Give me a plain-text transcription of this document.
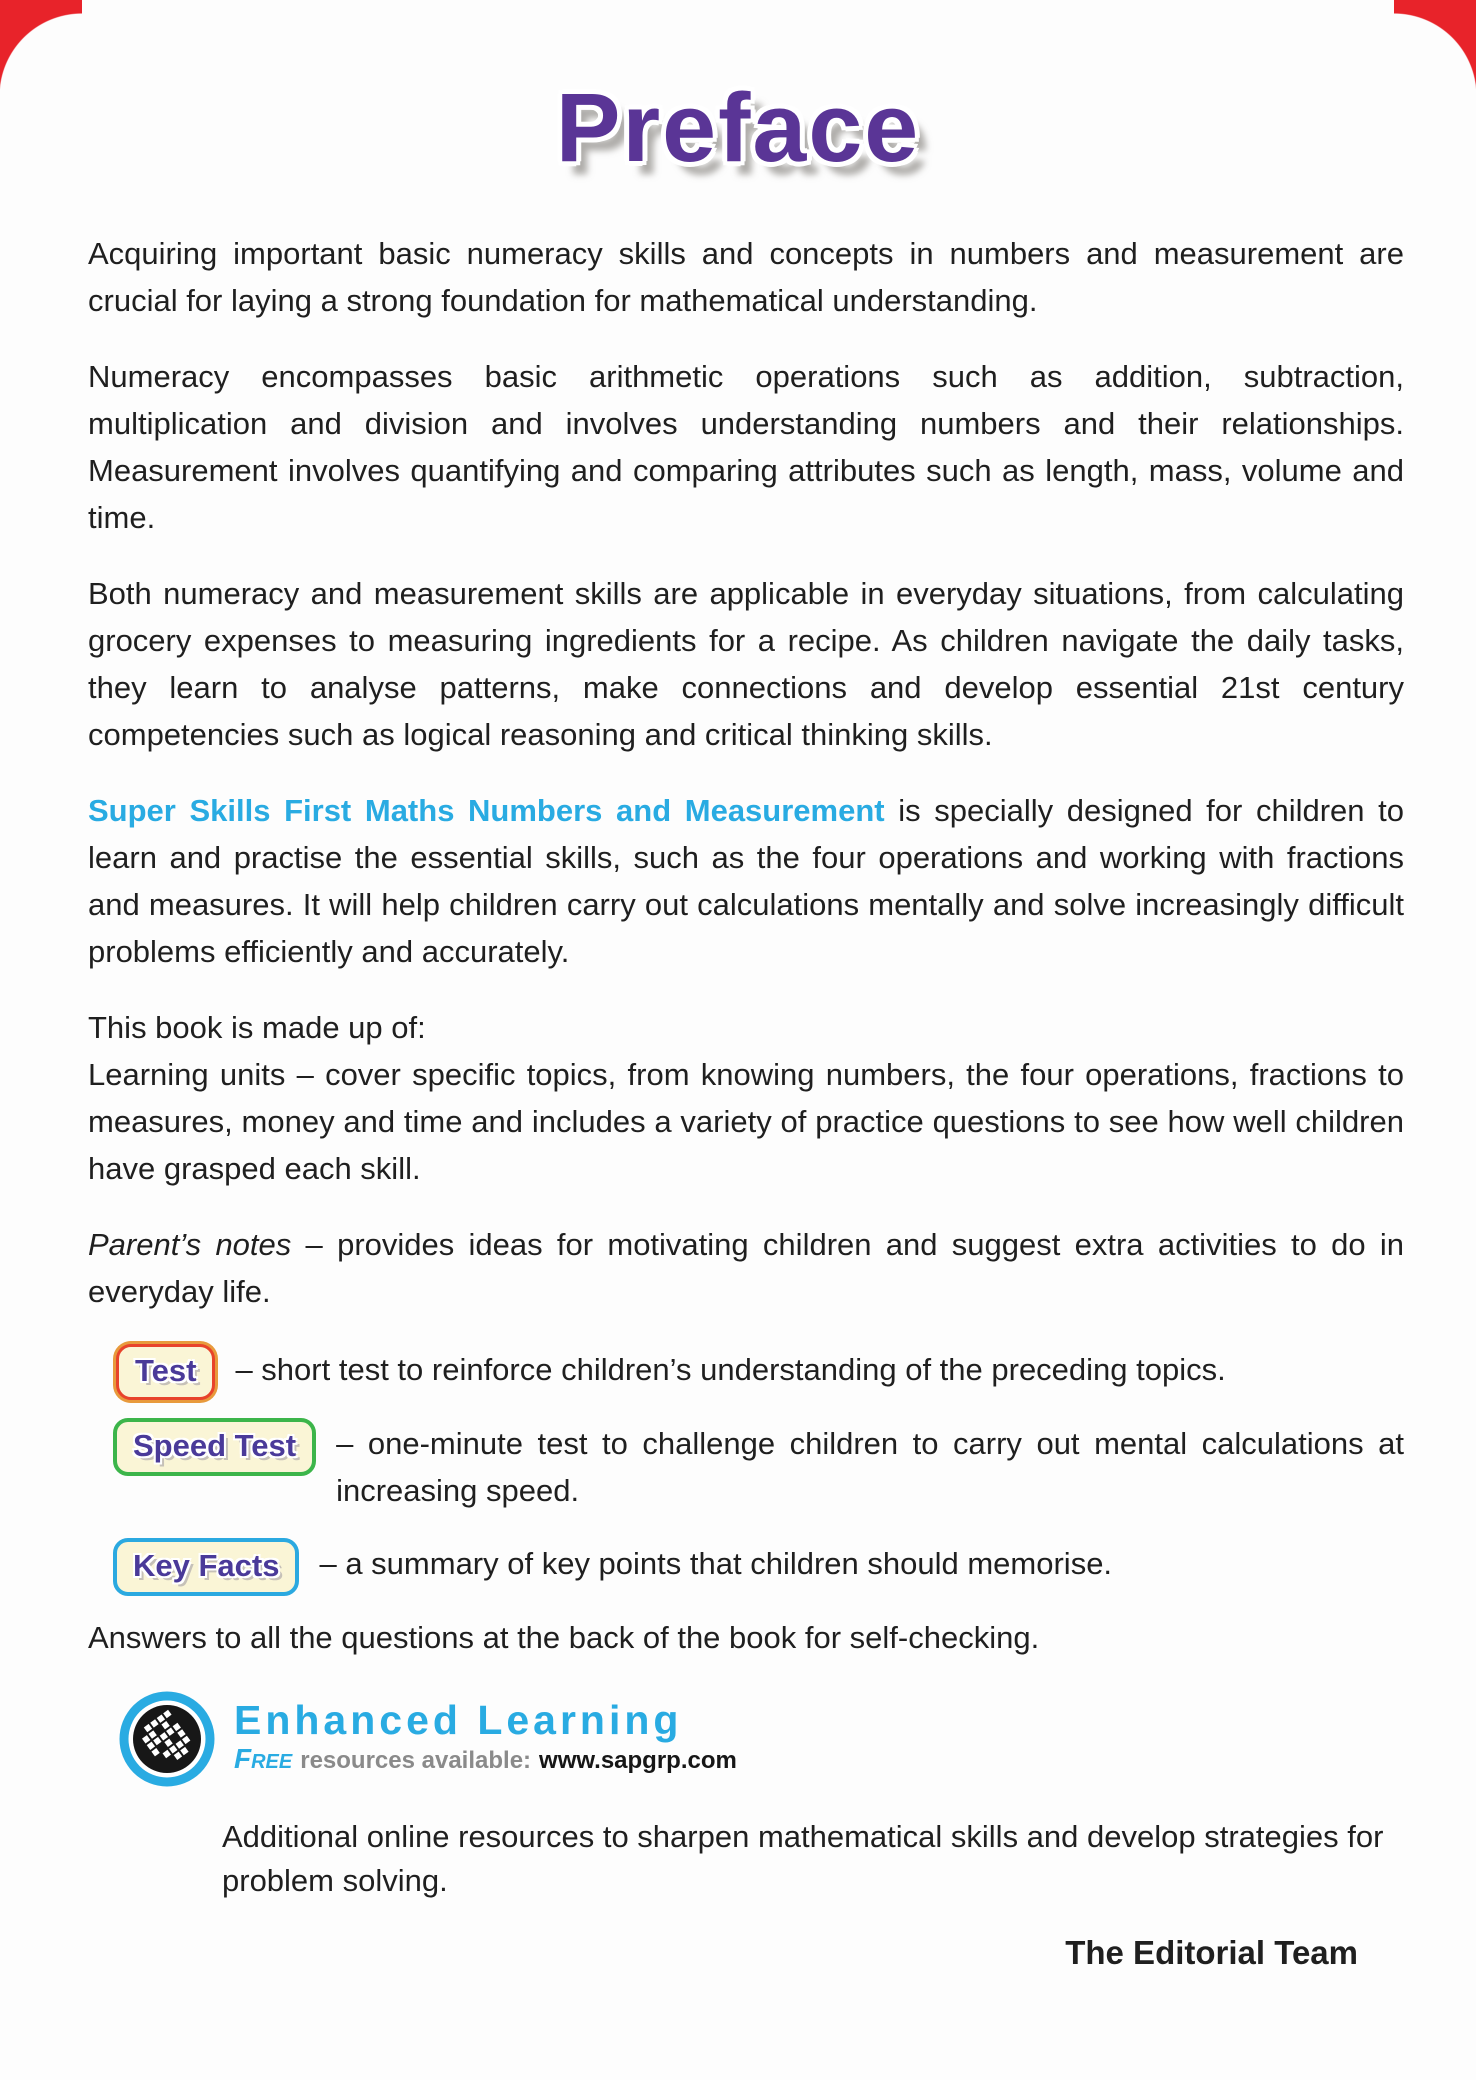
Preface

Acquiring important basic numeracy skills and concepts in numbers and measurement are crucial for laying a strong foundation for mathematical understanding.

Numeracy encompasses basic arithmetic operations such as addition, subtraction, multiplication and division and involves understanding numbers and their relationships. Measurement involves quantifying and comparing attributes such as length, mass, volume and time.

Both numeracy and measurement skills are applicable in everyday situations, from calculating grocery expenses to measuring ingredients for a recipe. As children navigate the daily tasks, they learn to analyse patterns, make connections and develop essential 21st century competencies such as logical reasoning and critical thinking skills.

Super Skills First Maths Numbers and Measurement is specially designed for children to learn and practise the essential skills, such as the four operations and working with fractions and measures. It will help children carry out calculations mentally and solve increasingly difficult problems efficiently and accurately.

This book is made up of:
Learning units – cover specific topics, from knowing numbers, the four operations, fractions to measures, money and time and includes a variety of practice questions to see how well children have grasped each skill.

Parent’s notes – provides ideas for motivating children and suggest extra activities to do in everyday life.

Test	– short test to reinforce children’s understanding of the preceding topics.
Speed Test	– one-minute test to challenge children to carry out mental calculations at increasing speed.
Key Facts	– a summary of key points that children should memorise.

Answers to all the questions at the back of the book for self-checking.

Enhanced Learning
Free resources available: www.sapgrp.com

Additional online resources to sharpen mathematical skills and develop strategies for problem solving.

The Editorial Team
